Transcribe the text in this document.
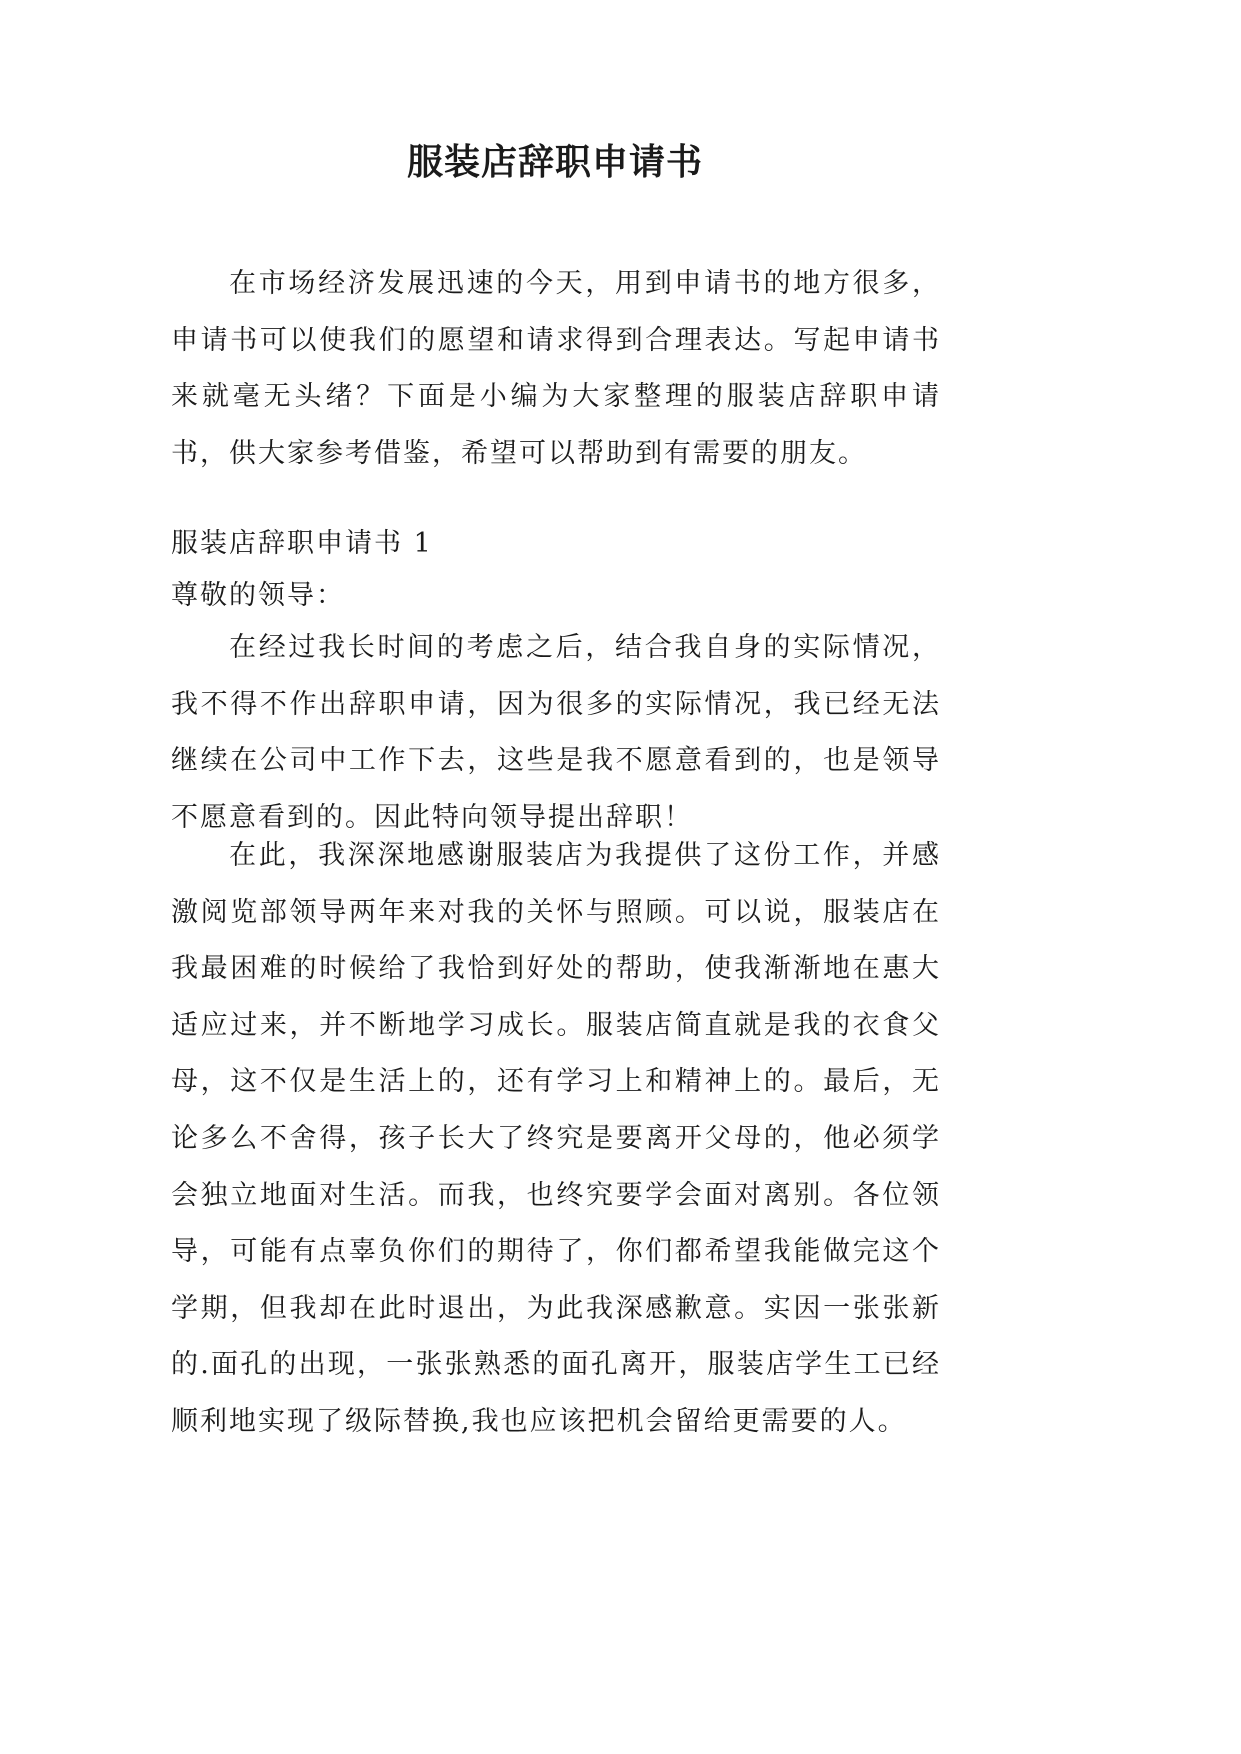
服装店辞职申请书

在市场经济发展迅速的今天，用到申请书的地方很多，申请书可以使我们的愿望和请求得到合理表达。写起申请书来就毫无头绪？下面是小编为大家整理的服装店辞职申请书，供大家参考借鉴，希望可以帮助到有需要的朋友。

服装店辞职申请书 1

尊敬的领导：

在经过我长时间的考虑之后，结合我自身的实际情况，我不得不作出辞职申请，因为很多的实际情况，我已经无法继续在公司中工作下去，这些是我不愿意看到的，也是领导不愿意看到的。因此特向领导提出辞职！

在此，我深深地感谢服装店为我提供了这份工作，并感激阅览部领导两年来对我的关怀与照顾。可以说，服装店在我最困难的时候给了我恰到好处的帮助，使我渐渐地在惠大适应过来，并不断地学习成长。服装店简直就是我的衣食父母，这不仅是生活上的，还有学习上和精神上的。最后，无论多么不舍得，孩子长大了终究是要离开父母的，他必须学会独立地面对生活。而我，也终究要学会面对离别。各位领导，可能有点辜负你们的期待了，你们都希望我能做完这个学期，但我却在此时退出，为此我深感歉意。实因一张张新的.面孔的出现，一张张熟悉的面孔离开，服装店学生工已经顺利地实现了级际替换,我也应该把机会留给更需要的人。
